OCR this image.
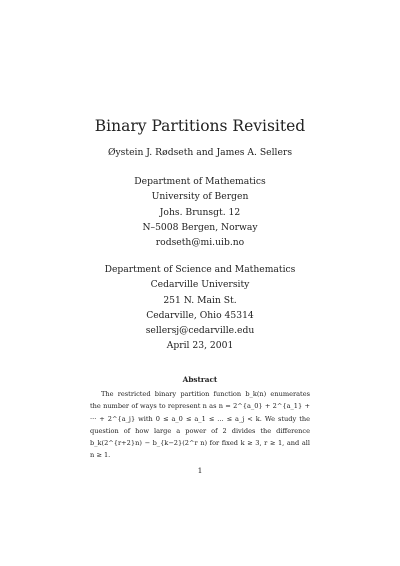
Binary Partitions Revisited
Øystein J. Rødseth and James A. Sellers
Department of Mathematics
University of Bergen
Johs. Brunsgt. 12
N–5008 Bergen, Norway
rodseth@mi.uib.no
Department of Science and Mathematics
Cedarville University
251 N. Main St.
Cedarville, Ohio 45314
sellersj@cedarville.edu
April 23, 2001
Abstract
The restricted binary partition function b_k(n) enumerates the number of ways to represent n as n = 2^{a_0} + 2^{a_1} + ··· + 2^{a_j} with 0 ≤ a_0 ≤ a_1 ≤ ... ≤ a_j < k. We study the question of how large a power of 2 divides the difference b_k(2^{r+2}n) − b_{k−2}(2^r n) for fixed k ≥ 3, r ≥ 1, and all n ≥ 1.
1
